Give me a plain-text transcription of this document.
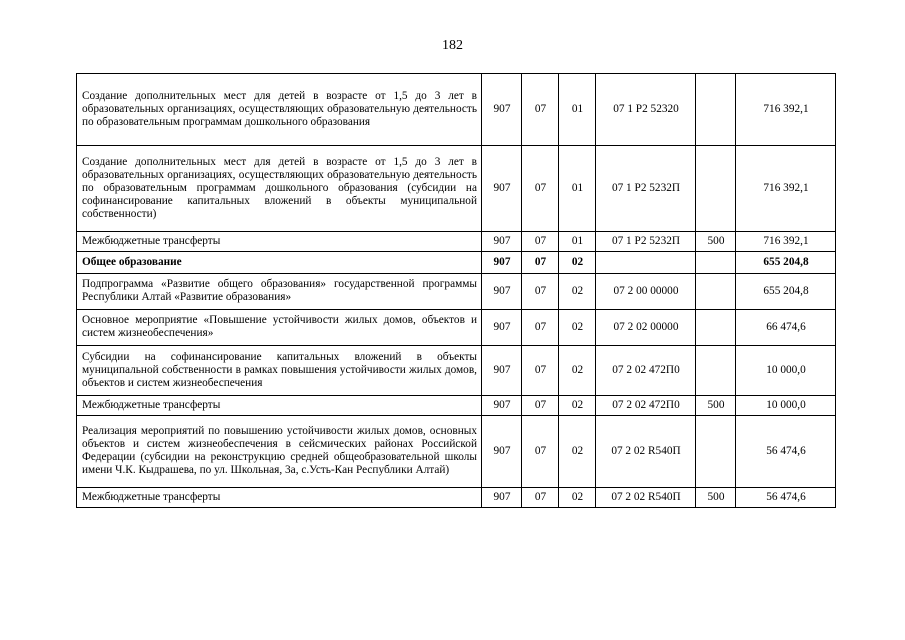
182
Создание дополнительных мест для детей в возрасте от 1,5 до 3 лет в образовательных организациях, осуществляющих образовательную деятельность по образовательным программам дошкольного образования	907	07	01	07 1 P2 52320		716 392,1
Создание дополнительных мест для детей в возрасте от 1,5 до 3 лет в образовательных организациях, осуществляющих образовательную деятельность по образовательным программам дошкольного образования (субсидии на софинансирование капитальных вложений в объекты муниципальной собственности)	907	07	01	07 1 P2 5232П		716 392,1
Межбюджетные трансферты	907	07	01	07 1 P2 5232П	500	716 392,1
Общее образование	907	07	02			655 204,8
Подпрограмма «Развитие общего образования» государственной программы Республики Алтай «Развитие образования»	907	07	02	07 2 00 00000		655 204,8
Основное мероприятие «Повышение устойчивости жилых домов, объектов и систем жизнеобеспечения»	907	07	02	07 2 02 00000		66 474,6
Субсидии на софинансирование капитальных вложений в объекты муниципальной собственности в рамках повышения устойчивости жилых домов, объектов и систем жизнеобеспечения	907	07	02	07 2 02 472П0		10 000,0
Межбюджетные трансферты	907	07	02	07 2 02 472П0	500	10 000,0
Реализация мероприятий по повышению устойчивости жилых домов, основных объектов и систем жизнеобеспечения в сейсмических районах Российской Федерации (субсидии на реконструкцию средней общеобразовательной школы имени Ч.К. Кыдрашева, по ул. Школьная, 3а, с.Усть-Кан Республики Алтай)	907	07	02	07 2 02 R540П		56 474,6
Межбюджетные трансферты	907	07	02	07 2 02 R540П	500	56 474,6
